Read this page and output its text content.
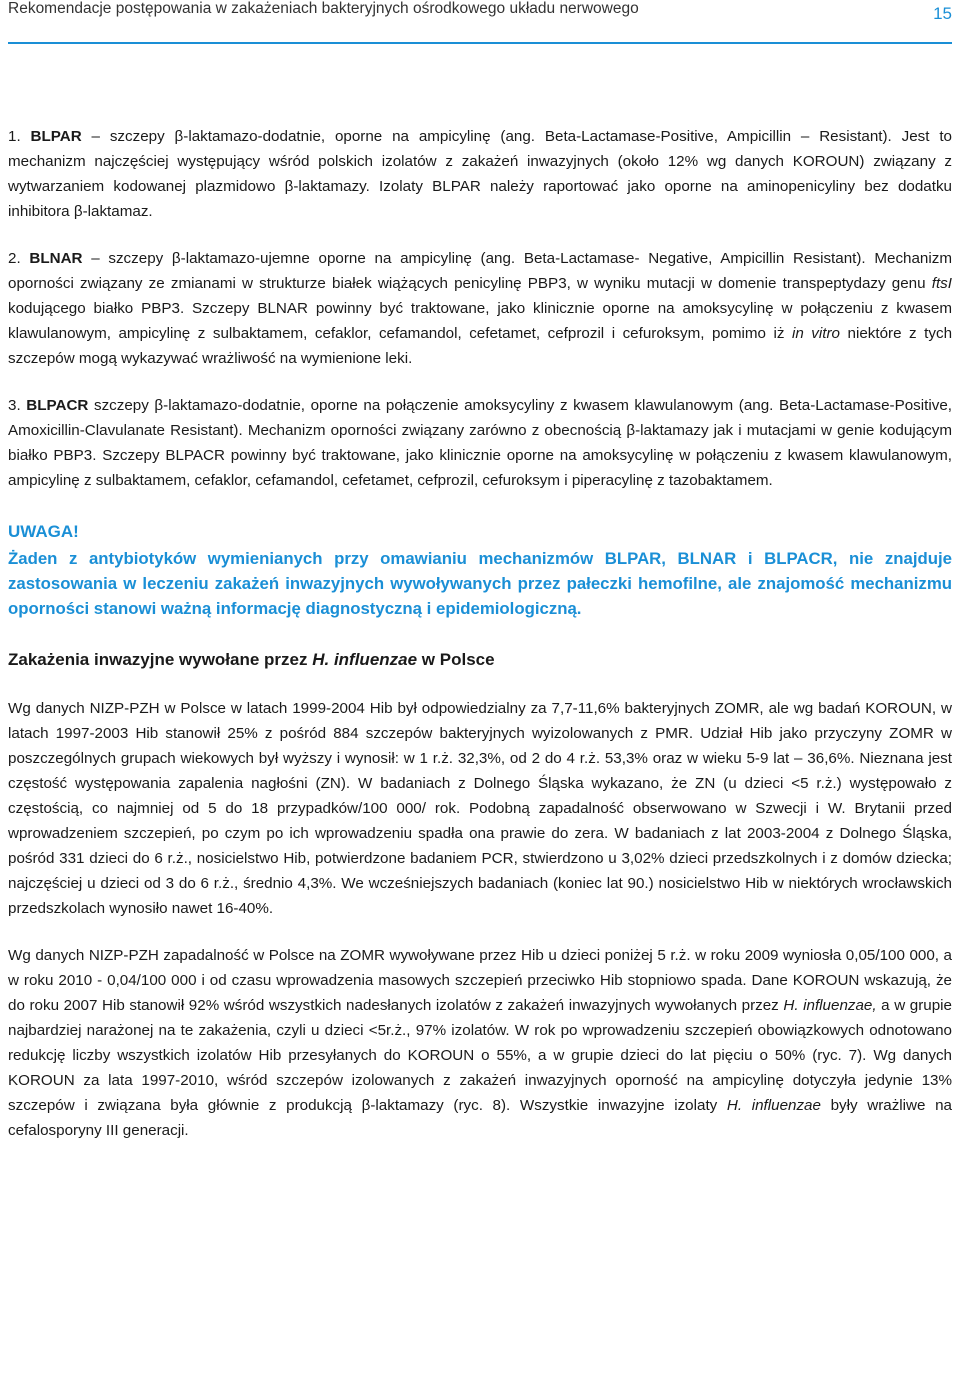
Rekomendacje postępowania w zakażeniach bakteryjnych ośrodkowego układu nerwowego	15

1. BLPAR – szczepy β-laktamazo-dodatnie, oporne na ampicylinę (ang. Beta-Lactamase-Positive, Ampicillin – Resistant). Jest to mechanizm najczęściej występujący wśród polskich izolatów z zakażeń inwazyjnych (około 12% wg danych KOROUN) związany z wytwarzaniem kodowanej plazmidowo β-laktamazy. Izolaty BLPAR należy raportować jako oporne na aminopenicyliny bez dodatku inhibitora β-laktamaz.

2. BLNAR – szczepy β-laktamazo-ujemne oporne na ampicylinę (ang. Beta-Lactamase- Negative, Ampicillin Resistant). Mechanizm oporności związany ze zmianami w strukturze białek wiążących penicylinę PBP3, w wyniku mutacji w domenie transpeptydazy genu ftsI kodującego białko PBP3. Szczepy BLNAR powinny być traktowane, jako klinicznie oporne na amoksycylinę w połączeniu z kwasem klawulanowym, ampicylinę z sulbaktamem, cefaklor, cefamandol, cefetamet, cefprozil i cefuroksym, pomimo iż in vitro niektóre z tych szczepów mogą wykazywać wrażliwość na wymienione leki.

3. BLPACR szczepy β-laktamazo-dodatnie, oporne na połączenie amoksycyliny z kwasem klawulanowym (ang. Beta-Lactamase-Positive, Amoxicillin-Clavulanate Resistant). Mechanizm oporności związany zarówno z obecnością β-laktamazy jak i mutacjami w genie kodującym białko PBP3. Szczepy BLPACR powinny być traktowane, jako klinicznie oporne na amoksycylinę w połączeniu z kwasem klawulanowym, ampicylinę z sulbaktamem, cefaklor, cefamandol, cefetamet, cefprozil, cefuroksym i piperacylinę z tazobaktamem.

UWAGA!
Żaden z antybiotyków wymienianych przy omawianiu mechanizmów BLPAR, BLNAR i BLPACR, nie znajduje zastosowania w leczeniu zakażeń inwazyjnych wywoływanych przez pałeczki hemofilne, ale znajomość mechanizmu oporności stanowi ważną informację diagnostyczną i epidemiologiczną.
Zakażenia inwazyjne wywołane przez H. influenzae w Polsce

Wg danych NIZP-PZH w Polsce w latach 1999-2004 Hib był odpowiedzialny za 7,7-11,6% bakteryjnych ZOMR, ale wg badań KOROUN, w latach 1997-2003 Hib stanowił 25% z pośród 884 szczepów bakteryjnych wyizolowanych z PMR. Udział Hib jako przyczyny ZOMR w poszczególnych grupach wiekowych był wyższy i wynosił: w 1 r.ż. 32,3%, od 2 do 4 r.ż. 53,3% oraz w wieku 5-9 lat – 36,6%. Nieznana jest częstość występowania zapalenia nagłośni (ZN). W badaniach z Dolnego Śląska wykazano, że ZN (u dzieci <5 r.ż.) występowało z częstością, co najmniej od 5 do 18 przypadków/100 000/ rok. Podobną zapadalność obserwowano w Szwecji i W. Brytanii przed wprowadzeniem szczepień, po czym po ich wprowadzeniu spadła ona prawie do zera. W badaniach z lat 2003-2004 z Dolnego Śląska, pośród 331 dzieci do 6 r.ż., nosicielstwo Hib, potwierdzone badaniem PCR, stwierdzono u 3,02% dzieci przedszkolnych i z domów dziecka; najczęściej u dzieci od 3 do 6 r.ż., średnio 4,3%. We wcześniejszych badaniach (koniec lat 90.) nosicielstwo Hib w niektórych wrocławskich przedszkolach wynosiło nawet 16-40%.

Wg danych NIZP-PZH zapadalność w Polsce na ZOMR wywoływane przez Hib u dzieci poniżej 5 r.ż. w roku 2009 wyniosła 0,05/100 000, a w roku 2010 - 0,04/100 000 i od czasu wprowadzenia masowych szczepień przeciwko Hib stopniowo spada. Dane KOROUN wskazują, że do roku 2007 Hib stanowił 92% wśród wszystkich nadesłanych izolatów z zakażeń inwazyjnych wywołanych przez H. influenzae, a w grupie najbardziej narażonej na te zakażenia, czyli u dzieci <5r.ż., 97% izolatów. W rok po wprowadzeniu szczepień obowiązkowych odnotowano redukcję liczby wszystkich izolatów Hib przesyłanych do KOROUN o 55%, a w grupie dzieci do lat pięciu o 50% (ryc. 7). Wg danych KOROUN za lata 1997-2010, wśród szczepów izolowanych z zakażeń inwazyjnych oporność na ampicylinę dotyczyła jedynie 13% szczepów i związana była głównie z produkcją β-laktamazy (ryc. 8). Wszystkie inwazyjne izolaty H. influenzae były wrażliwe na cefalosporyny III generacji.
